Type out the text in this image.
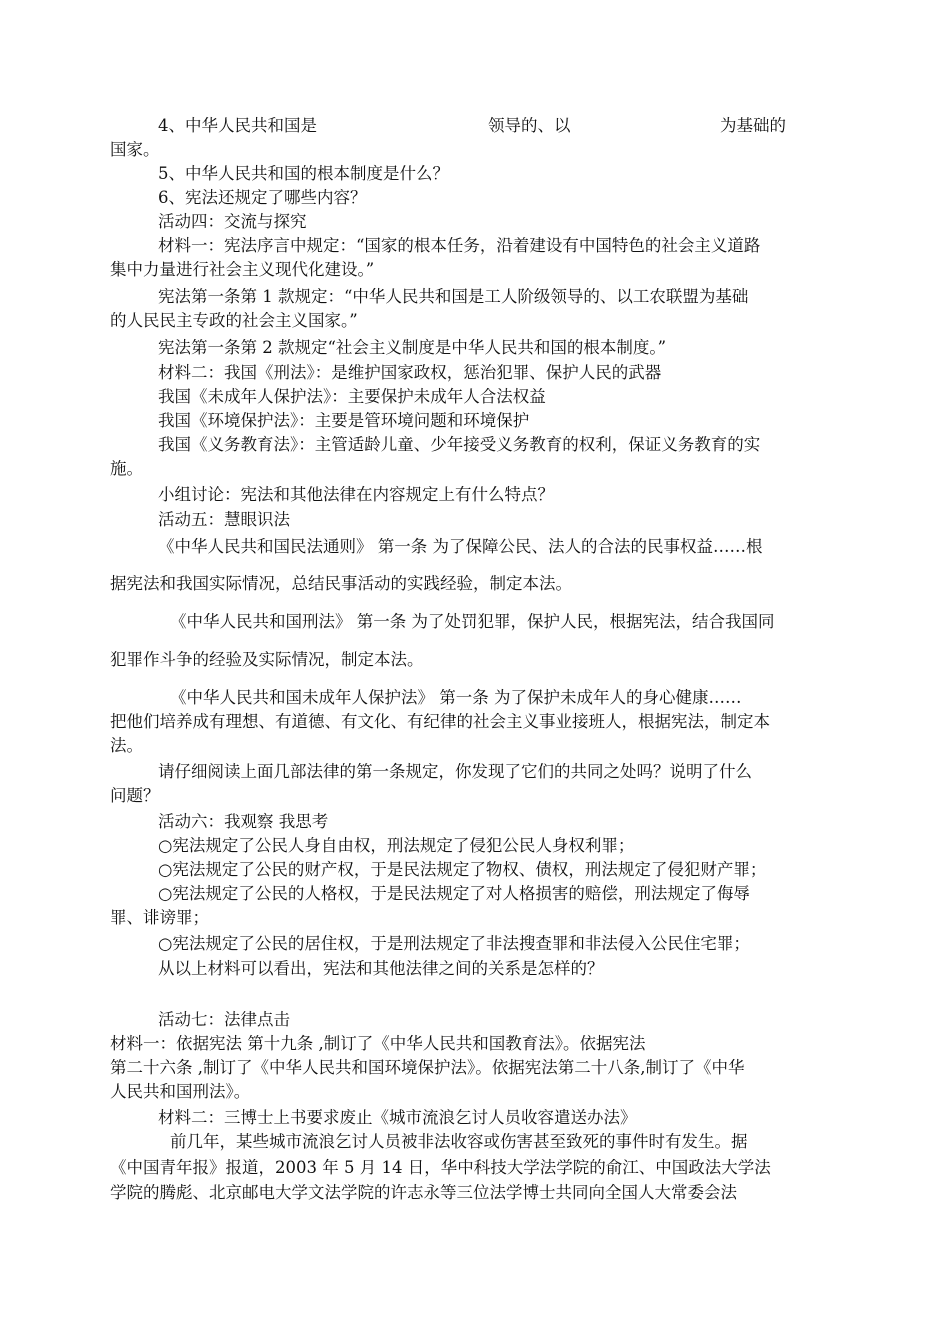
4、中华人民共和国是	领导的、以	为基础的
国家。
5、中华人民共和国的根本制度是什么？
6、宪法还规定了哪些内容？
活动四：交流与探究
材料一：宪法序言中规定：“国家的根本任务，沿着建设有中国特色的社会主义道路
集中力量进行社会主义现代化建设。”
宪法第一条第 1 款规定：“中华人民共和国是工人阶级领导的、以工农联盟为基础
的人民民主专政的社会主义国家。”
宪法第一条第 2 款规定“社会主义制度是中华人民共和国的根本制度。”
材料二：我国《刑法》：是维护国家政权，惩治犯罪、保护人民的武器
我国《未成年人保护法》：主要保护未成年人合法权益
我国《环境保护法》：主要是管环境问题和环境保护
我国《义务教育法》：主管适龄儿童、少年接受义务教育的权利，保证义务教育的实
施。
小组讨论：宪法和其他法律在内容规定上有什么特点？
活动五：慧眼识法
《中华人民共和国民法通则》 第一条 为了保障公民、法人的合法的民事权益……根
据宪法和我国实际情况，总结民事活动的实践经验，制定本法。
《中华人民共和国刑法》 第一条 为了处罚犯罪，保护人民，根据宪法，结合我国同
犯罪作斗争的经验及实际情况，制定本法。
《中华人民共和国未成年人保护法》 第一条 为了保护未成年人的身心健康……
把他们培养成有理想、有道德、有文化、有纪律的社会主义事业接班人，根据宪法，制定本
法。
请仔细阅读上面几部法律的第一条规定，你发现了它们的共同之处吗？说明了什么
问题？
活动六：我观察 我思考
○宪法规定了公民人身自由权，刑法规定了侵犯公民人身权利罪；
○宪法规定了公民的财产权，于是民法规定了物权、债权，刑法规定了侵犯财产罪；
○宪法规定了公民的人格权，于是民法规定了对人格损害的赔偿，刑法规定了侮辱
罪、诽谤罪；
○宪法规定了公民的居住权，于是刑法规定了非法搜查罪和非法侵入公民住宅罪；
从以上材料可以看出，宪法和其他法律之间的关系是怎样的？
活动七：法律点击
材料一：依据宪法 第十九条 ,制订了《中华人民共和国教育法》。依据宪法
第二十六条 ,制订了《中华人民共和国环境保护法》。依据宪法第二十八条,制订了《中华
人民共和国刑法》。
材料二：三博士上书要求废止《城市流浪乞讨人员收容遣送办法》
前几年，某些城市流浪乞讨人员被非法收容或伤害甚至致死的事件时有发生。据
《中国青年报》报道，2003 年 5 月 14 日，华中科技大学法学院的俞江、中国政法大学法
学院的腾彪、北京邮电大学文法学院的许志永等三位法学博士共同向全国人大常委会法
